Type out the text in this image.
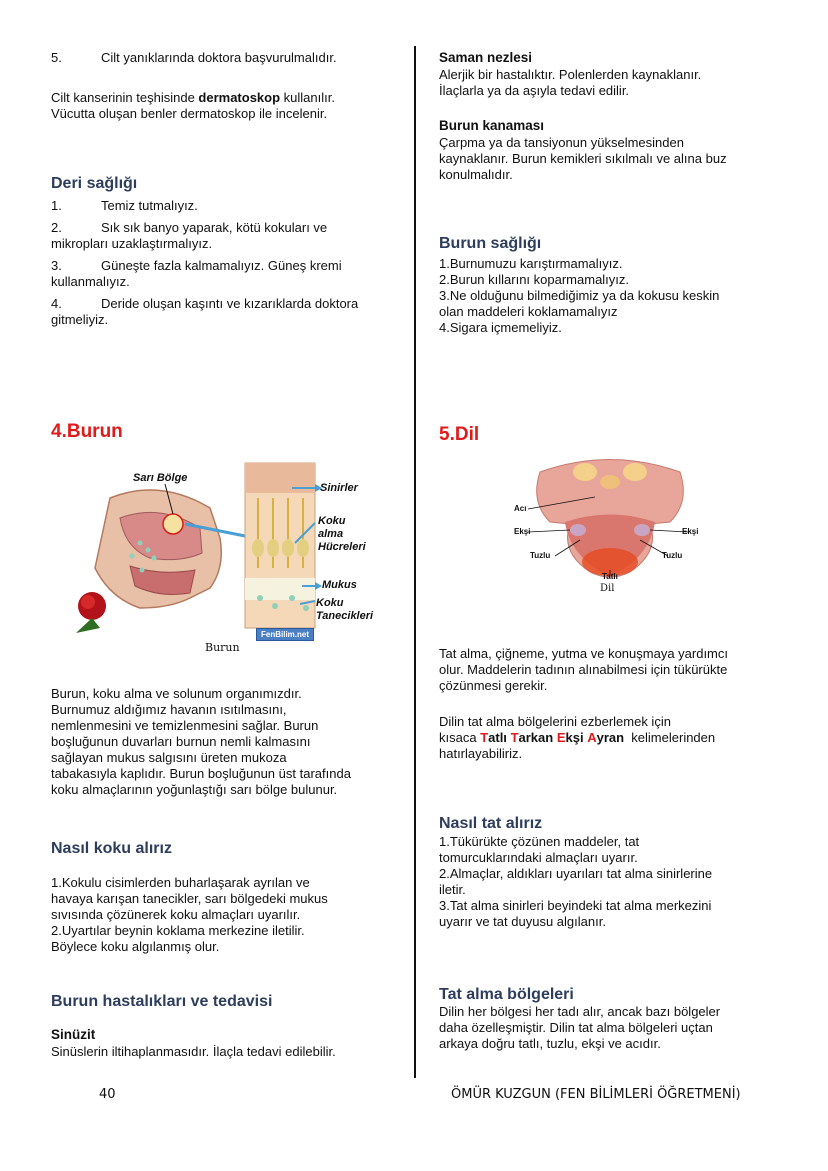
5.	Cilt yanıklarında doktora başvurulmalıdır.
Cilt kanserinin teşhisinde dermatoskop kullanılır.
Vücutta oluşan benler dermatoskop ile incelenir.
Deri sağlığı
1.	Temiz tutmalıyız.
2.	Sık sık banyo yaparak, kötü kokuları ve
mikropları uzaklaştırmalıyız.
3.	Güneşte fazla kalmamalıyız. Güneş kremi
kullanmalıyız.
4.	Deride oluşan kaşıntı ve kızarıklarda doktora
gitmeliyiz.
4.Burun
Sarı Bölge
Sinirler
Koku alma
Hücreleri
Mukus
Koku
Tanecikleri
FenBilim.net
Burun
Burun, koku alma ve solunum organımızdır.
Burnumuz aldığımız havanın ısıtılmasını,
nemlenmesini ve temizlenmesini sağlar. Burun
boşluğunun duvarları burnun nemli kalmasını
sağlayan mukus salgısını üreten mukoza
tabakasıyla kaplıdır. Burun boşluğunun üst tarafında
koku almaçlarının yoğunlaştığı sarı bölge bulunur.
Nasıl koku alırız
1.Kokulu cisimlerden buharlaşarak ayrılan ve
havaya karışan tanecikler, sarı bölgedeki mukus
sıvısında çözünerek koku almaçları uyarılır.
2.Uyartılar beynin koklama merkezine iletilir.
Böylece koku algılanmış olur.
Burun hastalıkları ve tedavisi
Sinüzit
Sinüslerin iltihaplanmasıdır. İlaçla tedavi edilebilir.
Saman nezlesi
Alerjik bir hastalıktır. Polenlerden kaynaklanır.
İlaçlarla ya da aşıyla tedavi edilir.
Burun kanaması
Çarpma ya da tansiyonun yükselmesinden
kaynaklanır. Burun kemikleri sıkılmalı ve alına buz
konulmalıdır.
Burun sağlığı
1.Burnumuzu karıştırmamalıyız.
2.Burun kıllarını koparmamalıyız.
3.Ne olduğunu bilmediğimiz ya da kokusu keskin
olan maddeleri koklamamalıyız
4.Sigara içmemeliyiz.
5.Dil
Acı
Ekşi	Ekşi
Tuzlu	Tuzlu
Tatlı
Dil
Tat alma, çiğneme, yutma ve konuşmaya yardımcı
olur. Maddelerin tadının alınabilmesi için tükürükte
çözünmesi gerekir.
Dilin tat alma bölgelerini ezberlemek için
kısaca Tatlı Tarkan Ekşi Ayran  kelimelerinden
hatırlayabiliriz.
Nasıl tat alırız
1.Tükürükte çözünen maddeler, tat
tomurcuklarındaki almaçları uyarır.
2.Almaçlar, aldıkları uyarıları tat alma sinirlerine
iletir.
3.Tat alma sinirleri beyindeki tat alma merkezini
uyarır ve tat duyusu algılanır.
Tat alma bölgeleri
Dilin her bölgesi her tadı alır, ancak bazı bölgeler
daha özelleşmiştir. Dilin tat alma bölgeleri uçtan
arkaya doğru tatlı, tuzlu, ekşi ve acıdır.
40	ÖMÜR KUZGUN (FEN BİLİMLERİ ÖĞRETMENİ)
